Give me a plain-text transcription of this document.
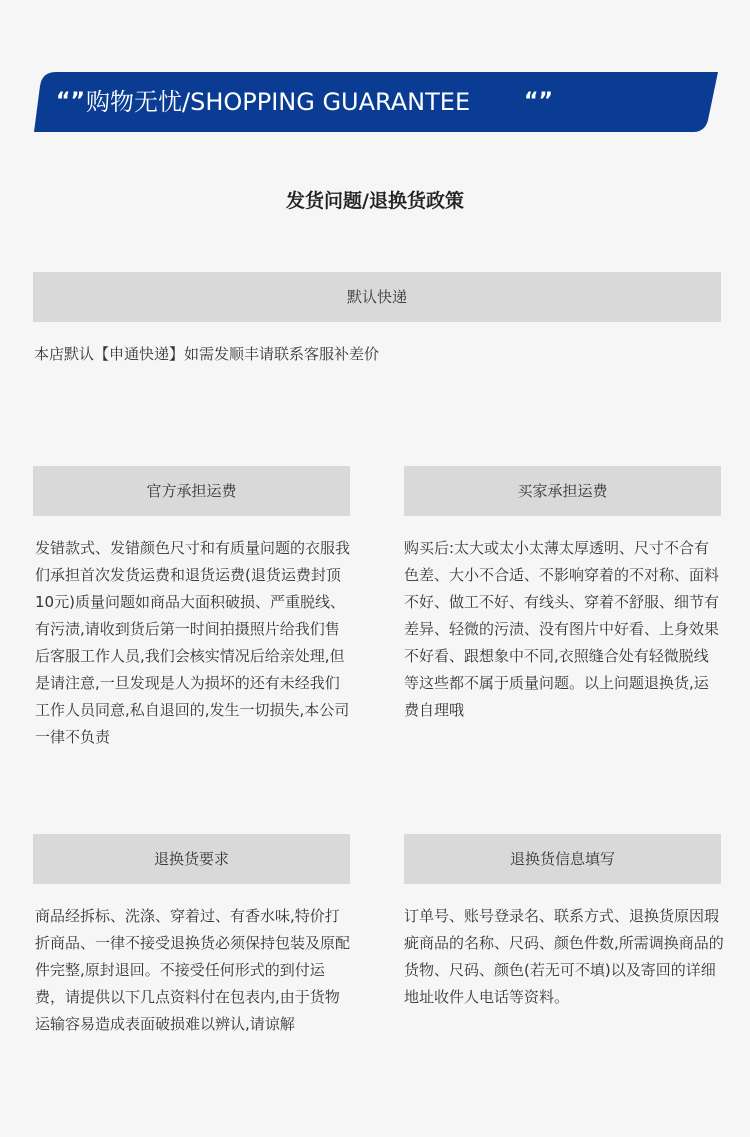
“” 购物无忧/SHOPPING GUARANTEE “”
发货问题/退换货政策
默认快递
本店默认【申通快递】如需发顺丰请联系客服补差价
官方承担运费
发错款式、发错颜色尺寸和有质量问题的衣服我们承担首次发货运费和退货运费(退货运费封顶10元)质量问题如商品大面积破损、严重脱线、有污渍,请收到货后第一时间拍摄照片给我们售后客服工作人员,我们会核实情况后给亲处理,但是请注意,一旦发现是人为损坏的还有未经我们工作人员同意,私自退回的,发生一切损失,本公司一律不负责
买家承担运费
购买后:太大或太小太薄太厚透明、尺寸不合有色差、大小不合适、不影响穿着的不对称、面料不好、做工不好、有线头、穿着不舒服、细节有差异、轻微的污渍、没有图片中好看、上身效果不好看、跟想象中不同,衣照缝合处有轻微脱线等这些都不属于质量问题。以上问题退换货,运费自理哦
退换货要求
商品经拆标、洗涤、穿着过、有香水味,特价打折商品、一律不接受退换货必须保持包装及原配件完整,原封退回。不接受任何形式的到付运费，请提供以下几点资料付在包表内,由于货物运输容易造成表面破损难以辨认,请谅解
退换货信息填写
订单号、账号登录名、联系方式、退换货原因瑕疵商品的名称、尺码、颜色件数,所需调换商品的货物、尺码、颜色(若无可不填)以及寄回的详细地址收件人电话等资料。
